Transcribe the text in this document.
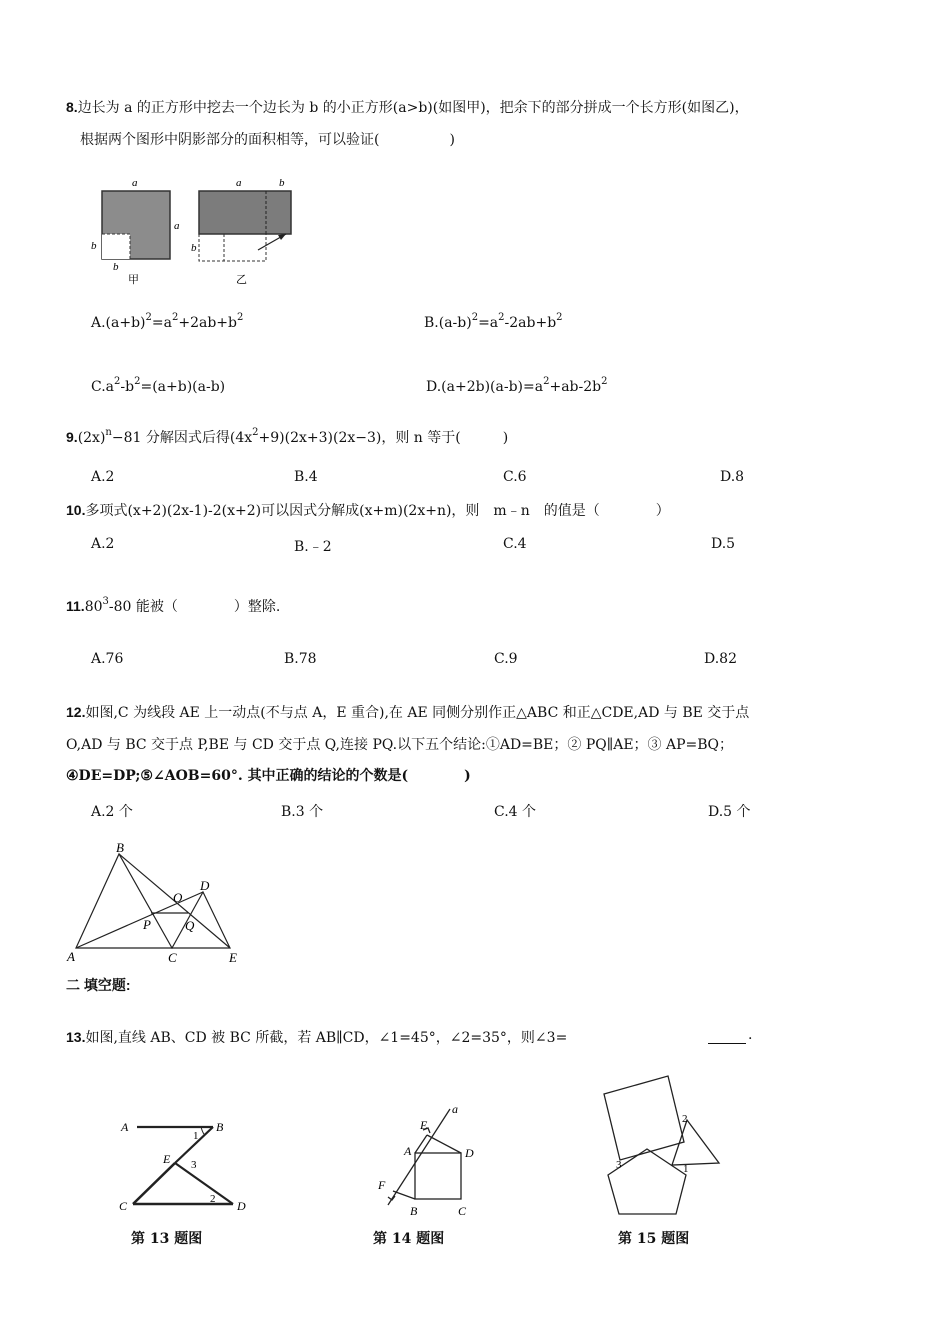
8.边长为 a 的正方形中挖去一个边长为 b 的小正方形(a>b)(如图甲)，把余下的部分拼成一个长方形(如图乙)，
根据两个图形中阴影部分的面积相等，可以验证(　　　　　)
a
a
b
b
甲
a	b
b
乙
$A.(a+b)^2=a^2+2ab+b^2$	$B.(a-b)^2=a^2-2ab+b^2$
$C.a^2-b^2=(a+b)(a-b)$	$D.(a+2b)(a-b)=a^2+ab-2b^2$
$9.(2x)^n-81$ 分解因式后得$(4x^2+9)(2x+3)(2x-3)$，则 n 等于(　　　)
A.2	B.4	C.6	D.8
10.多项式(x+2)(2x-1)-2(x+2)可以因式分解成(x+m)(2x+n)，则　m﹣n　的值是（　　　　）
A.2	B.﹣2	C.4	D.5
11.80$^3$-80 能被（　　　　）整除.
A.76	B.78	C.9	D.82
12.如图,C 为线段 AE 上一动点(不与点 A，E 重合),在 AE 同侧分别作正△ABC 和正△CDE,AD 与 BE 交于点
O,AD 与 BC 交于点 P,BE 与 CD 交于点 Q,连接 PQ.以下五个结论:①AD=BE；② PQ∥AE；③ AP=BQ；
④DE=DP;⑤∠AOB=60°. 其中正确的结论的个数是(　　　　)
A.2 个	B.3 个	C.4 个	D.5 个
A
B
C
D
E
O
P	Q
二 填空题:
13.如图,直线 AB、CD 被 BC 所截，若 AB∥CD，∠1=45°，∠2=35°，则∠3=	.
A	B
C	D
E
1
2
3
第 13 题图
a
E
A	D
F
B	C
第 14 题图
2
1
3
第 15 题图
